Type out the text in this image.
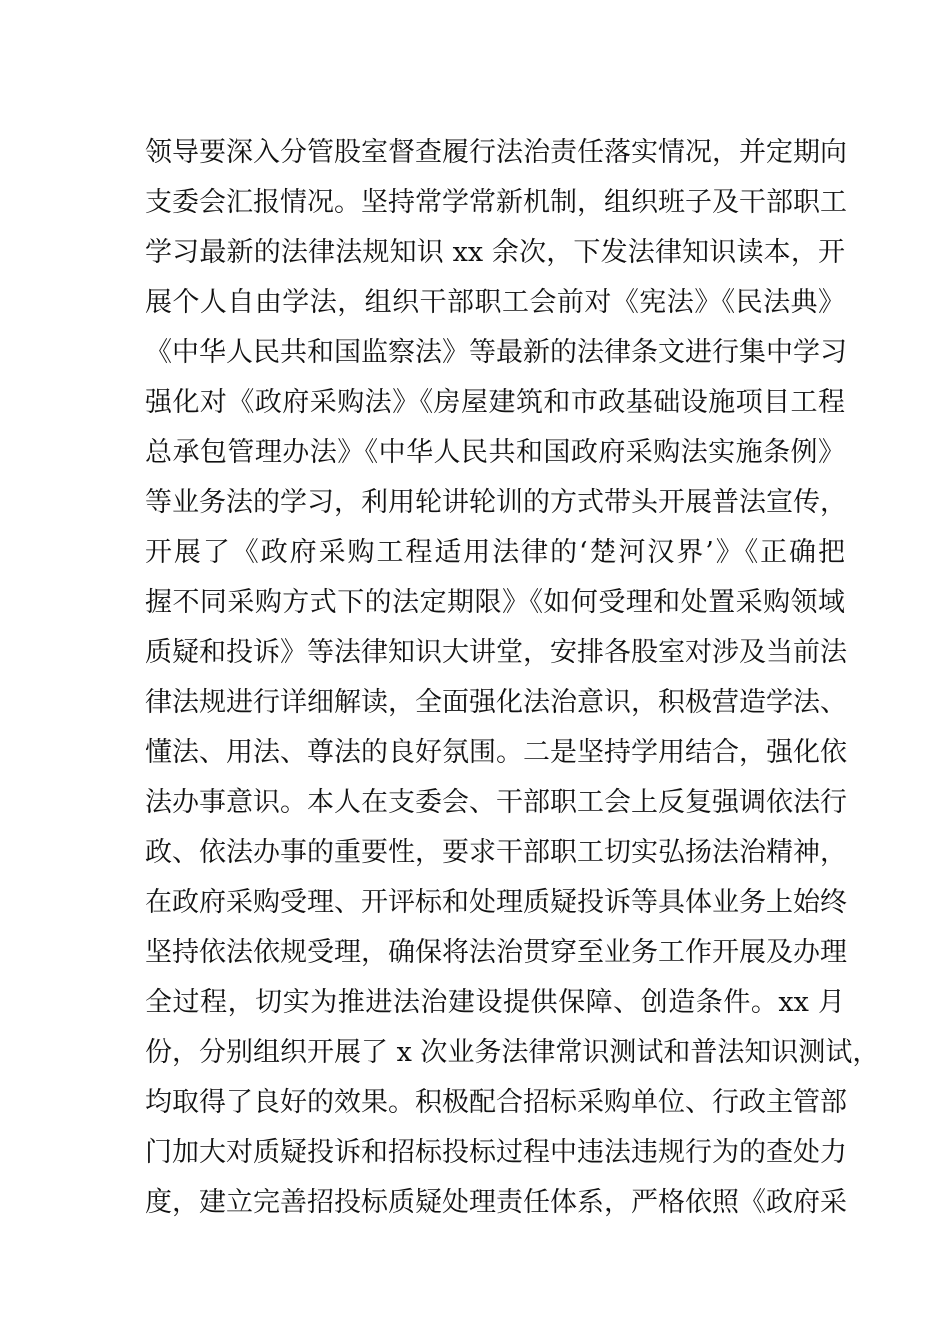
领导要深入分管股室督查履行法治责任落实情况，并定期向
支委会汇报情况。坚持常学常新机制，组织班子及干部职工
学习最新的法律法规知识 xx 余次，下发法律知识读本，开
展个人自由学法，组织干部职工会前对《宪法》《民法典》
《中华人民共和国监察法》等最新的法律条文进行集中学习
强化对《政府采购法》《房屋建筑和市政基础设施项目工程
总承包管理办法》《中华人民共和国政府采购法实施条例》
等业务法的学习，利用轮讲轮训的方式带头开展普法宣传，
开展了《政府采购工程适用法律的‘楚河汉界’》《正确把
握不同采购方式下的法定期限》《如何受理和处置采购领域
质疑和投诉》等法律知识大讲堂，安排各股室对涉及当前法
律法规进行详细解读，全面强化法治意识，积极营造学法、
懂法、用法、尊法的良好氛围。二是坚持学用结合，强化依
法办事意识。本人在支委会、干部职工会上反复强调依法行
政、依法办事的重要性，要求干部职工切实弘扬法治精神，
在政府采购受理、开评标和处理质疑投诉等具体业务上始终
坚持依法依规受理，确保将法治贯穿至业务工作开展及办理
全过程，切实为推进法治建设提供保障、创造条件。xx 月
份，分别组织开展了 x 次业务法律常识测试和普法知识测试，
均取得了良好的效果。积极配合招标采购单位、行政主管部
门加大对质疑投诉和招标投标过程中违法违规行为的查处力
度，建立完善招投标质疑处理责任体系，严格依照《政府采
